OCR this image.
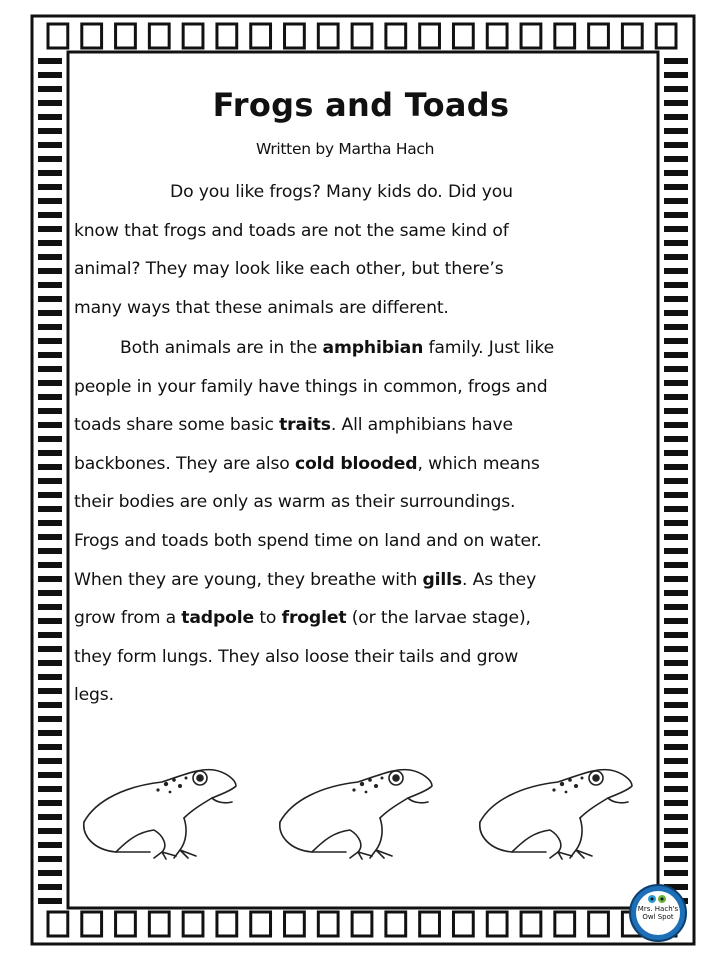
Frogs and Toads
Written by Martha Hach
Do you like frogs? Many kids do. Did you
know that frogs and toads are not the same kind of
animal? They may look like each other, but there’s
many ways that these animals are different.
Both animals are in the amphibian family. Just like
people in your family have things in common, frogs and
toads share some basic traits. All amphibians have
backbones. They are also cold blooded, which means
their bodies are only as warm as their surroundings.
Frogs and toads both spend time on land and on water.
When they are young, they breathe with gills. As they
grow from a tadpole to froglet (or the larvae stage),
they form lungs. They also loose their tails and grow
legs.
Mrs. Hach's
Owl Spot
